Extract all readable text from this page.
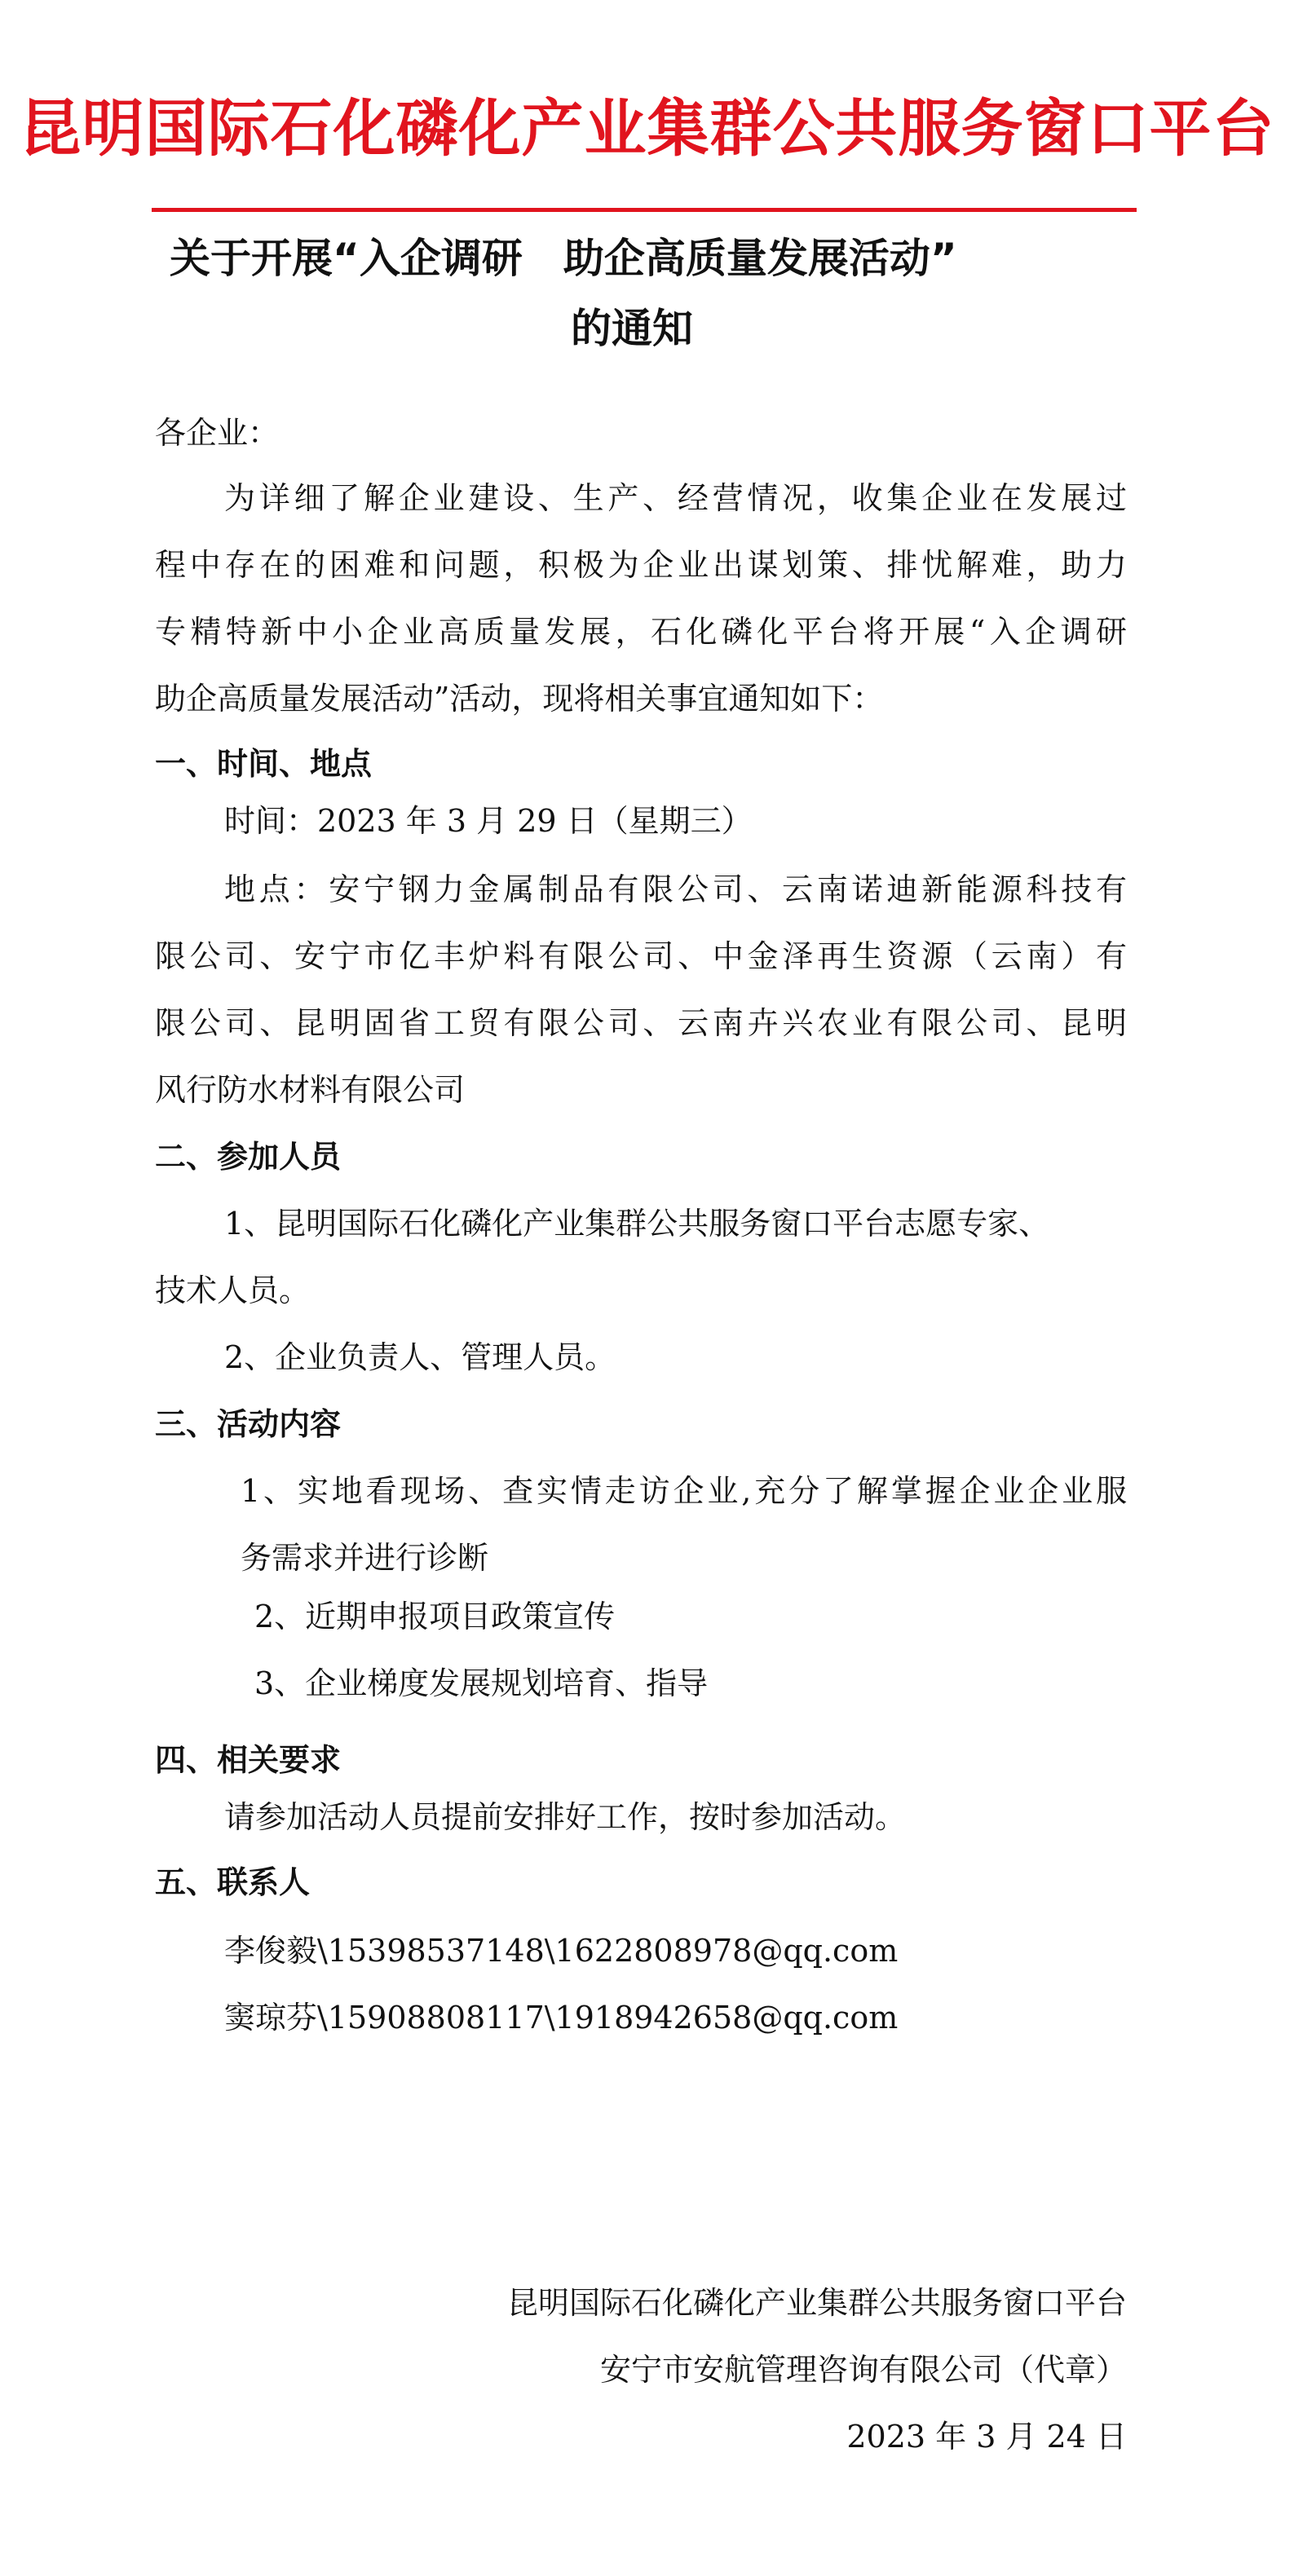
昆明国际石化磷化产业集群公共服务窗口平台
关于开展“入企调研　助企高质量发展活动”
的通知
各企业：
为详细了解企业建设、生产、经营情况，收集企业在发展过
程中存在的困难和问题，积极为企业出谋划策、排忧解难，助力
专精特新中小企业高质量发展，石化磷化平台将开展“入企调研
助企高质量发展活动”活动，现将相关事宜通知如下：
一、时间、地点
时间：2023 年 3 月 29 日（星期三）
地点：安宁钢力金属制品有限公司、云南诺迪新能源科技有
限公司、安宁市亿丰炉料有限公司、中金泽再生资源（云南）有
限公司、昆明固省工贸有限公司、云南卉兴农业有限公司、昆明
风行防水材料有限公司
二、参加人员
1、昆明国际石化磷化产业集群公共服务窗口平台志愿专家、
技术人员。
2、企业负责人、管理人员。
三、活动内容
1、实地看现场、查实情走访企业,充分了解掌握企业企业服
务需求并进行诊断
2、近期申报项目政策宣传
3、企业梯度发展规划培育、指导
四、相关要求
请参加活动人员提前安排好工作，按时参加活动。
五、联系人
李俊毅\15398537148\1622808978@qq.com
窦琼芬\15908808117\1918942658@qq.com
昆明国际石化磷化产业集群公共服务窗口平台
安宁市安航管理咨询有限公司（代章）
2023 年 3 月 24 日
